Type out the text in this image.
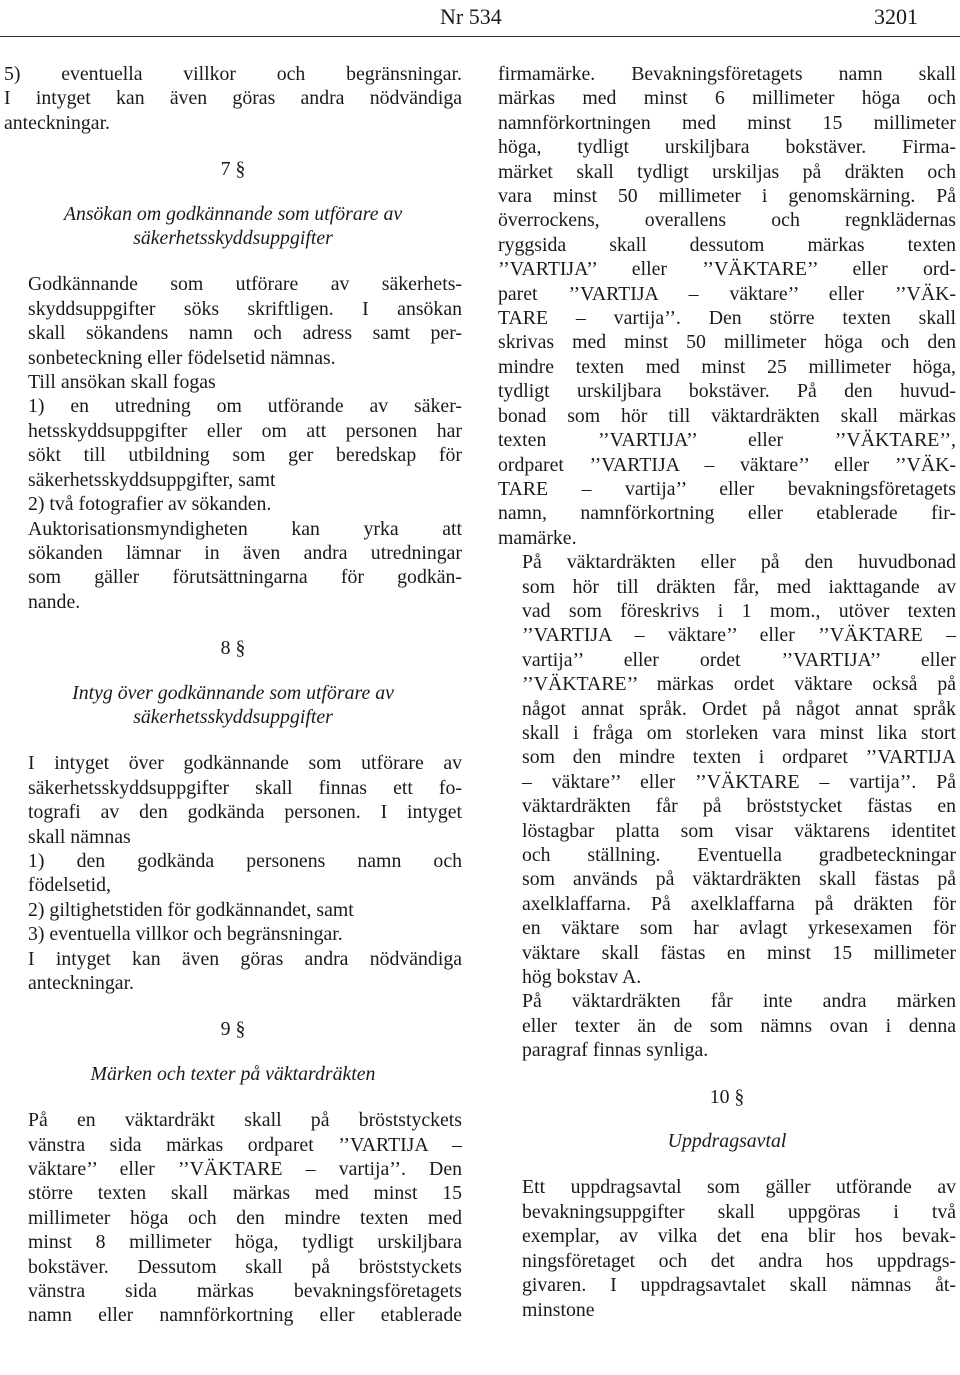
Nr 534	3201

5) eventuella villkor och begränsningar.
I intyget kan även göras andra nödvändiga
anteckningar.

7 §
Ansökan om godkännande som utförare av
säkerhetsskyddsuppgifter

Godkännande som utförare av säkerhets-
skyddsuppgifter söks skriftligen. I ansökan
skall sökandens namn och adress samt per-
sonbeteckning eller födelsetid nämnas.

Till ansökan skall fogas

1) en utredning om utförande av säker-
hetsskyddsuppgifter eller om att personen har
sökt till utbildning som ger beredskap för
säkerhetsskyddsuppgifter, samt

2) två fotografier av sökanden.

Auktorisationsmyndigheten kan yrka att
sökanden lämnar in även andra utredningar
som gäller förutsättningarna för godkän-
nande.

8 §
Intyg över godkännande som utförare av
säkerhetsskyddsuppgifter

I intyget över godkännande som utförare av
säkerhetsskyddsuppgifter skall finnas ett fo-
tografi av den godkända personen. I intyget
skall nämnas

1) den godkända personens namn och
födelsetid,

2) giltighetstiden för godkännandet, samt

3) eventuella villkor och begränsningar.

I intyget kan även göras andra nödvändiga
anteckningar.

9 §
Märken och texter på väktardräkten

På en väktardräkt skall på bröststyckets
vänstra sida märkas ordparet ’’VARTIJA –
väktare’’ eller ’’VÄKTARE – vartija’’. Den
större texten skall märkas med minst 15
millimeter höga och den mindre texten med
minst 8 millimeter höga, tydligt urskiljbara
bokstäver. Dessutom skall på bröststyckets
vänstra sida märkas bevakningsföretagets
namn eller namnförkortning eller etablerade

firmamärke. Bevakningsföretagets namn skall
märkas med minst 6 millimeter höga och
namnförkortningen med minst 15 millimeter
höga, tydligt urskiljbara bokstäver. Firma-
märket skall tydligt urskiljas på dräkten och
vara minst 50 millimeter i genomskärning. På
överrockens, overallens och regnklädernas
ryggsida skall dessutom märkas texten
’’VARTIJA’’ eller ’’VÄKTARE’’ eller ord-
paret ’’VARTIJA – väktare’’ eller ’’VÄK-
TARE – vartija’’. Den större texten skall
skrivas med minst 50 millimeter höga och den
mindre texten med minst 25 millimeter höga,
tydligt urskiljbara bokstäver. På den huvud-
bonad som hör till väktardräkten skall märkas
texten ’’VARTIJA’’ eller ’’VÄKTARE’’,
ordparet ’’VARTIJA – väktare’’ eller ’’VÄK-
TARE – vartija’’ eller bevakningsföretagets
namn, namnförkortning eller etablerade fir-
mamärke.

På väktardräkten eller på den huvudbonad
som hör till dräkten får, med iakttagande av
vad som föreskrivs i 1 mom., utöver texten
’’VARTIJA – väktare’’ eller ’’VÄKTARE –
vartija’’ eller ordet ’’VARTIJA’’ eller
’’VÄKTARE’’ märkas ordet väktare också på
något annat språk. Ordet på något annat språk
skall i fråga om storleken vara minst lika stort
som den mindre texten i ordparet ’’VARTIJA
– väktare’’ eller ’’VÄKTARE – vartija’’. På
väktardräkten får på bröststycket fästas en
löstagbar platta som visar väktarens identitet
och ställning. Eventuella gradbeteckningar
som används på väktardräkten skall fästas på
axelklaffarna. På axelklaffarna på dräkten för
en väktare som har avlagt yrkesexamen för
väktare skall fästas en minst 15 millimeter
hög bokstav A.

På väktardräkten får inte andra märken
eller texter än de som nämns ovan i denna
paragraf finnas synliga.

10 §
Uppdragsavtal

Ett uppdragsavtal som gäller utförande av
bevakningsuppgifter skall uppgöras i två
exemplar, av vilka det ena blir hos bevak-
ningsföretaget och det andra hos uppdrags-
givaren. I uppdragsavtalet skall nämnas åt-
minstone
